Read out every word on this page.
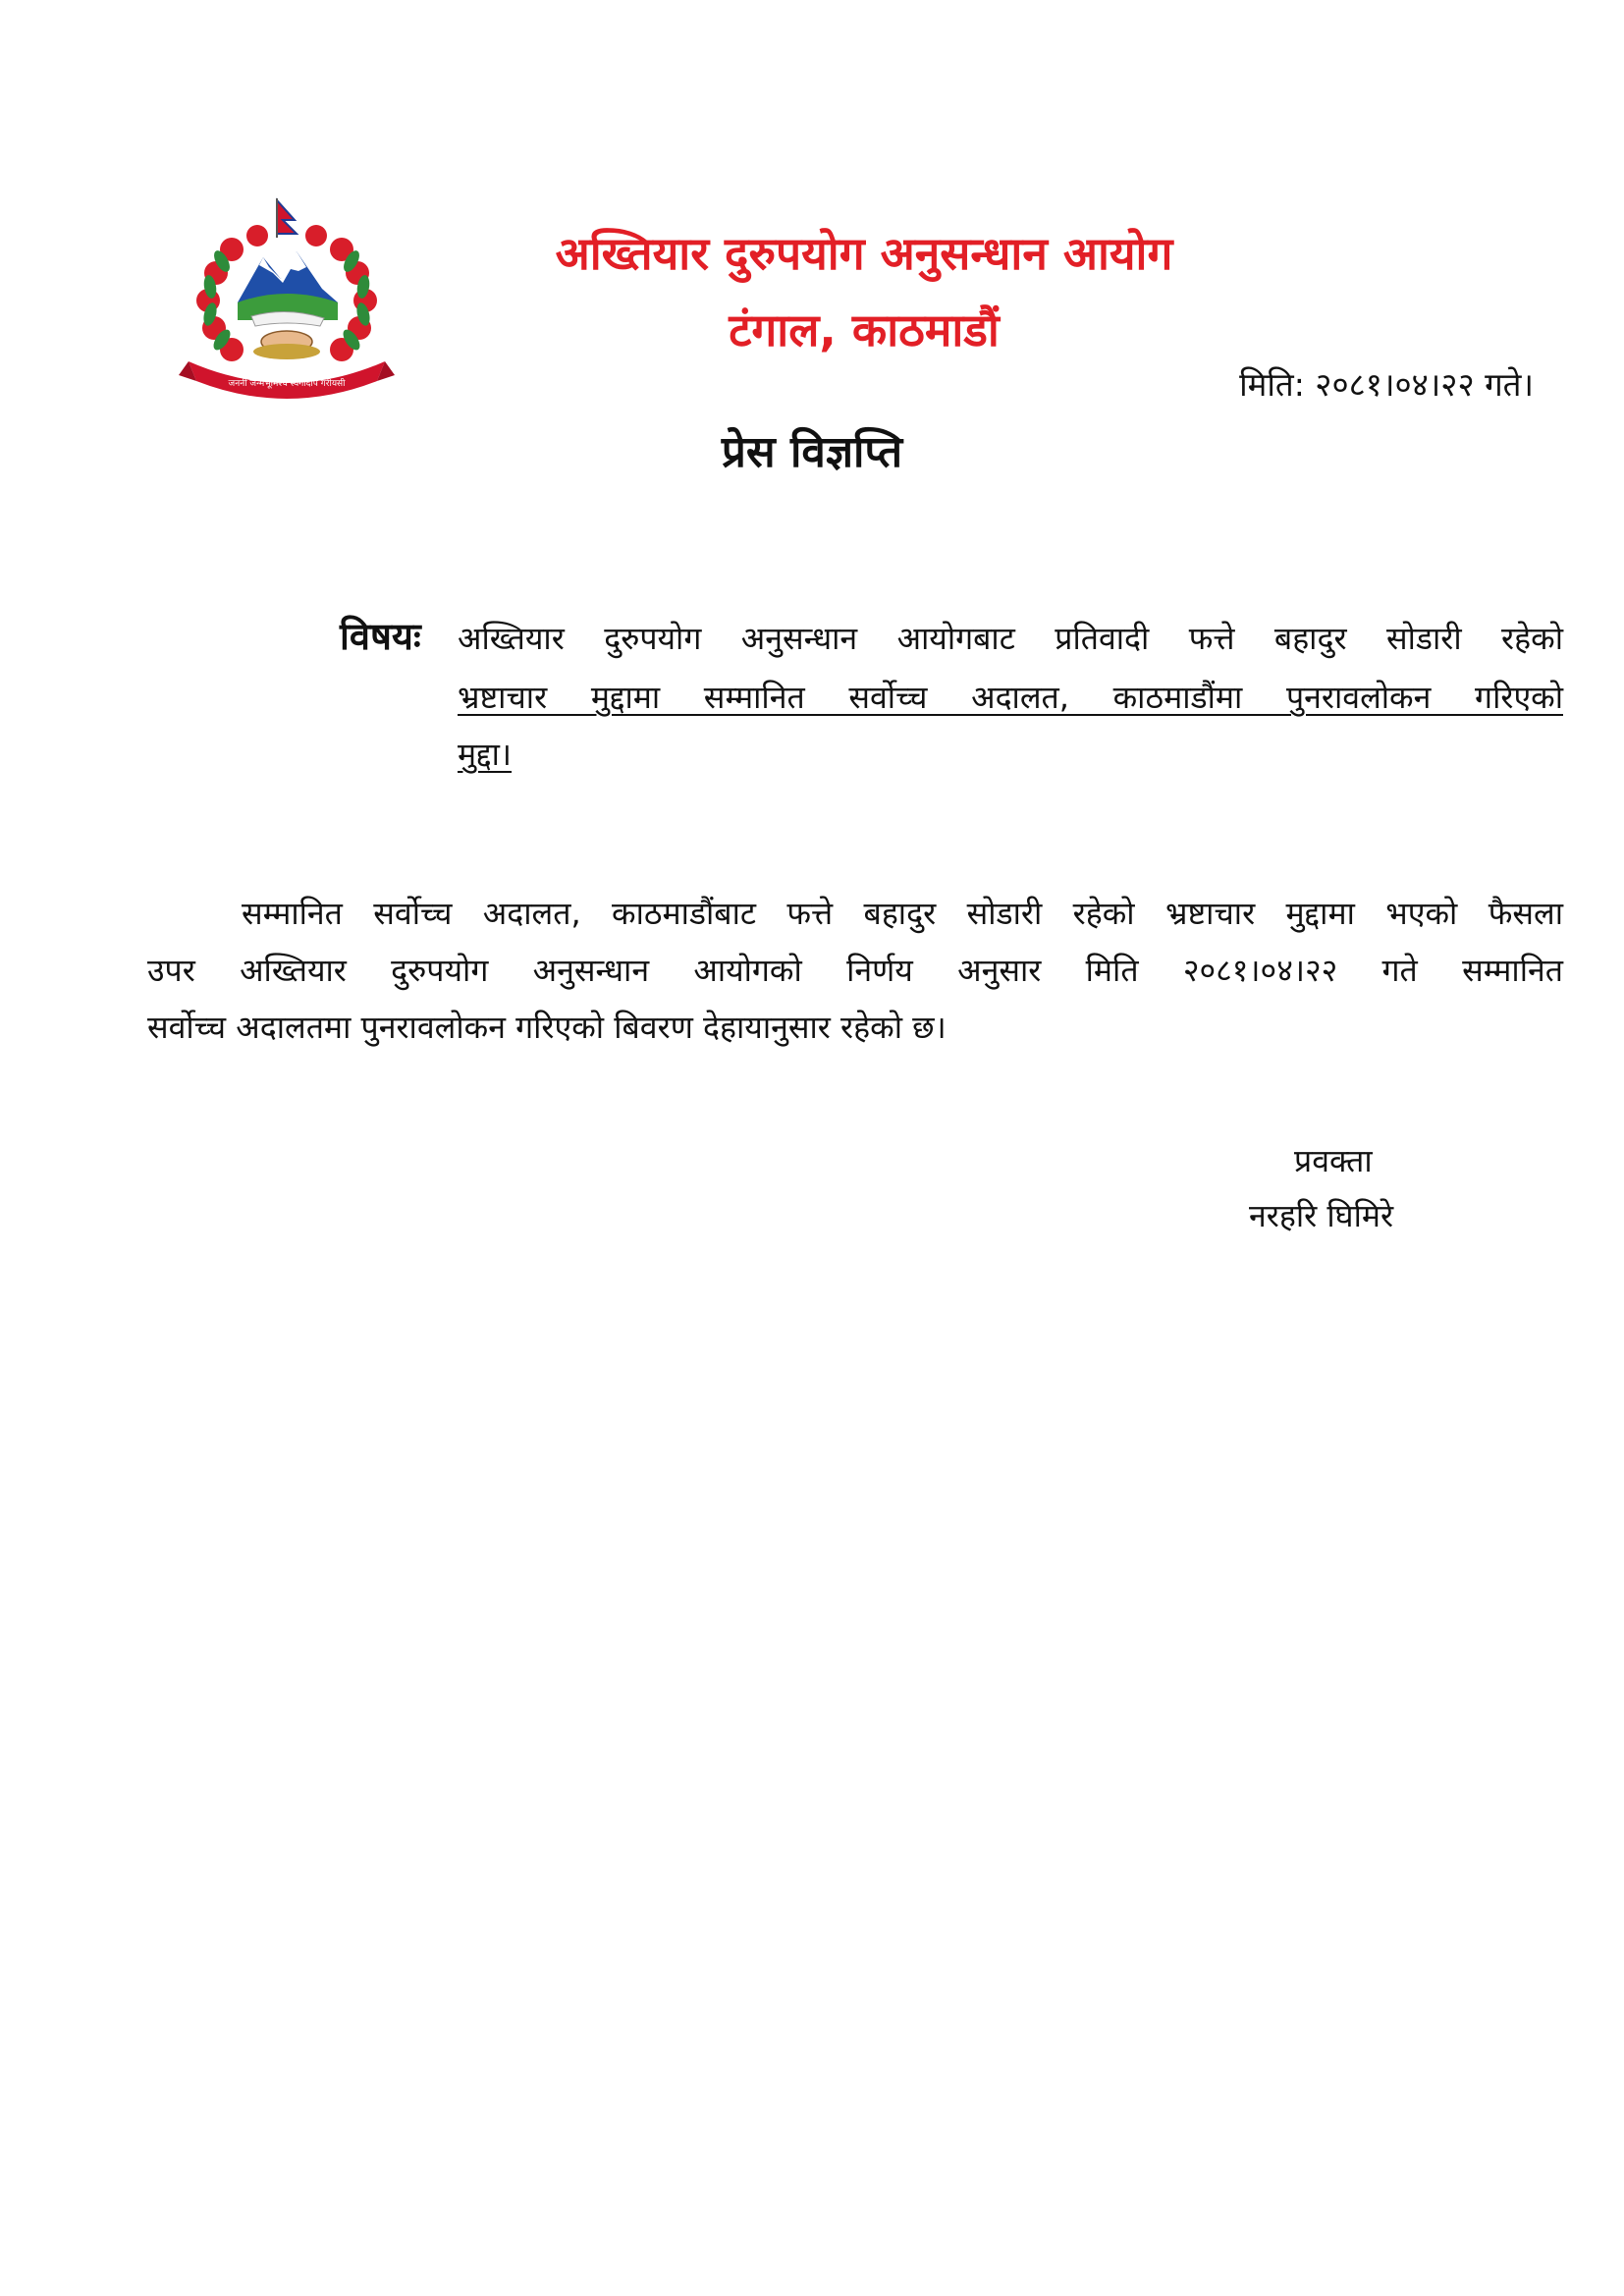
जननी जन्मभूमिश्च स्वर्गादपि गरीयसी
अख्तियार दुरुपयोग अनुसन्धान आयोग
टंगाल, काठमाडौं
मिति: २०८१।०४।२२ गते।
प्रेस विज्ञप्ति
विषयः अख्तियार दुरुपयोग अनुसन्धान आयोगबाट प्रतिवादी फत्ते बहादुर सोडारी रहेको
भ्रष्टाचार मुद्दामा सम्मानित सर्वोच्च अदालत, काठमाडौंमा पुनरावलोकन गरिएको
मुद्दा।
सम्मानित सर्वोच्च अदालत, काठमाडौंबाट फत्ते बहादुर सोडारी रहेको भ्रष्टाचार मुद्दामा भएको फैसला
उपर अख्तियार दुरुपयोग अनुसन्धान आयोगको निर्णय अनुसार मिति २०८१।०४।२२ गते सम्मानित
सर्वोच्च अदालतमा पुनरावलोकन गरिएको बिवरण देहायानुसार रहेको छ।
प्रवक्ता
नरहरि घिमिरे
